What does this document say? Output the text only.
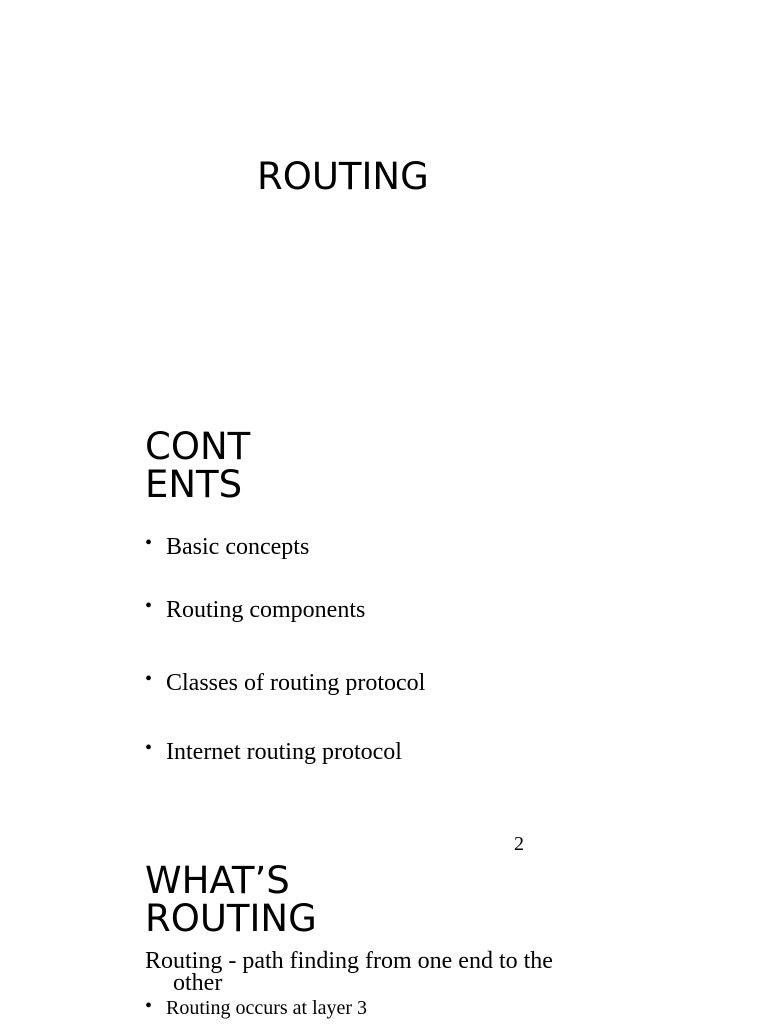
ROUTING
CONT
ENTS
• Basic concepts
• Routing components
• Classes of routing protocol
• Internet routing protocol
2
WHAT’S
ROUTING
Routing - path finding from one end to the
other
• Routing occurs at layer 3
